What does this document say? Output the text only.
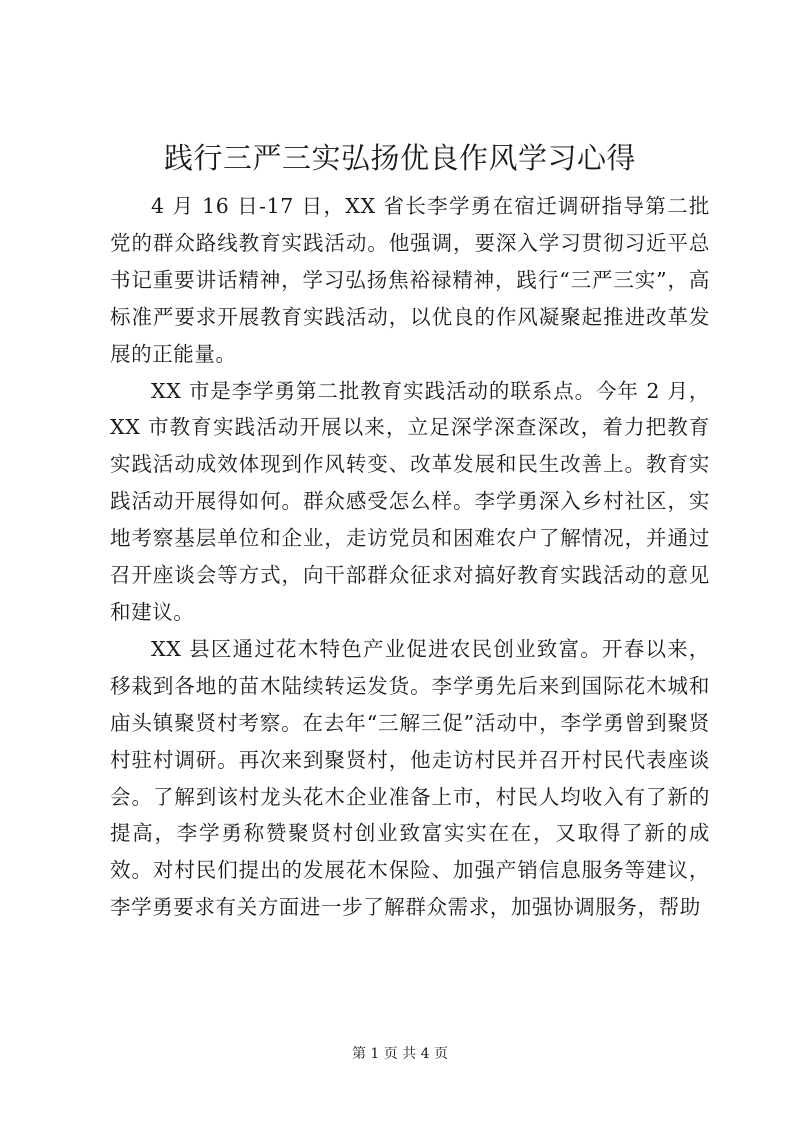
践行三严三实弘扬优良作风学习心得

4 月 16 日-17 日，XX 省长李学勇在宿迁调研指导第二批党的群众路线教育实践活动。他强调，要深入学习贯彻习近平总书记重要讲话精神，学习弘扬焦裕禄精神，践行“三严三实”，高标准严要求开展教育实践活动，以优良的作风凝聚起推进改革发展的正能量。

XX 市是李学勇第二批教育实践活动的联系点。今年 2 月，XX 市教育实践活动开展以来，立足深学深查深改，着力把教育实践活动成效体现到作风转变、改革发展和民生改善上。教育实践活动开展得如何。群众感受怎么样。李学勇深入乡村社区，实地考察基层单位和企业，走访党员和困难农户了解情况，并通过召开座谈会等方式，向干部群众征求对搞好教育实践活动的意见和建议。

XX 县区通过花木特色产业促进农民创业致富。开春以来，移栽到各地的苗木陆续转运发货。李学勇先后来到国际花木城和庙头镇聚贤村考察。在去年“三解三促”活动中，李学勇曾到聚贤村驻村调研。再次来到聚贤村，他走访村民并召开村民代表座谈会。了解到该村龙头花木企业准备上市，村民人均收入有了新的提高，李学勇称赞聚贤村创业致富实实在在，又取得了新的成效。对村民们提出的发展花木保险、加强产销信息服务等建议，李学勇要求有关方面进一步了解群众需求，加强协调服务，帮助

第 1 页 共 4 页
